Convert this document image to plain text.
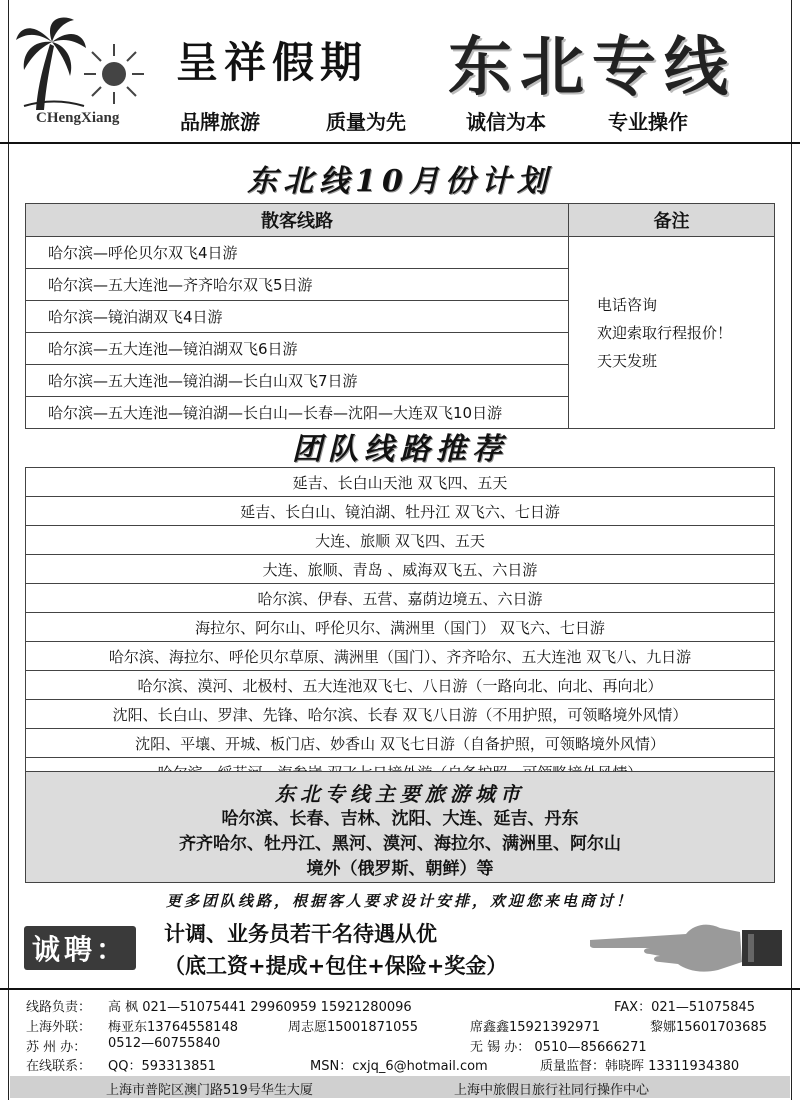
CHengXiang
呈祥假期 东北专线
品牌旅游	质量为先	诚信为本	专业操作
东北线10月份计划
散客线路	备注
哈尔滨—呼伦贝尔双飞4日游	电话咨询
欢迎索取行程报价！
天天发班

哈尔滨—五大连池—齐齐哈尔双飞5日游	
哈尔滨—镜泊湖双飞4日游	
哈尔滨—五大连池—镜泊湖双飞6日游	
哈尔滨—五大连池—镜泊湖—长白山双飞7日游	
哈尔滨—五大连池—镜泊湖—长白山—长春—沈阳—大连双飞10日游	
团队线路推荐
延吉、长白山天池 双飞四、五天
延吉、长白山、镜泊湖、牡丹江 双飞六、七日游
大连、旅顺 双飞四、五天
大连、旅顺、青岛 、威海双飞五、六日游
哈尔滨、伊春、五营、嘉荫边境五、六日游
海拉尔、阿尔山、呼伦贝尔、满洲里（国门） 双飞六、七日游
哈尔滨、海拉尔、呼伦贝尔草原、满洲里（国门）、齐齐哈尔、五大连池 双飞八、九日游
哈尔滨、漠河、北极村、五大连池双飞七、八日游（一路向北、向北、再向北）
沈阳、长白山、罗津、先锋、哈尔滨、长春 双飞八日游（不用护照，可领略境外风情）
沈阳、平壤、开城、板门店、妙香山 双飞七日游（自备护照，可领略境外风情）

东北专线主要旅游城市
哈尔滨、长春、吉林、沈阳、大连、延吉、丹东
齐齐哈尔、牡丹江、黑河、漠河、海拉尔、满洲里、阿尔山
境外（俄罗斯、朝鲜）等
更多团队线路，根据客人要求设计安排，欢迎您来电商讨！
诚聘：	计调、业务员若干名待遇从优
（底工资+提成+包住+保险+奖金）
线路负责： 高 枫 021—51075441 29960959 15921280096	FAX：021—51075845
上海外联： 梅亚东13764558148	周志愿15001871055	席鑫鑫15921392971	黎娜15601703685
苏 州 办： 0512—60755840	无 锡 办： 0510—85666271
在线联系： QQ：593313851	MSN：cxjq_6@hotmail.com	质量监督：韩晓晖 13311934380
上海市普陀区澳门路519号华生大厦	上海中旅假日旅行社同行操作中心
